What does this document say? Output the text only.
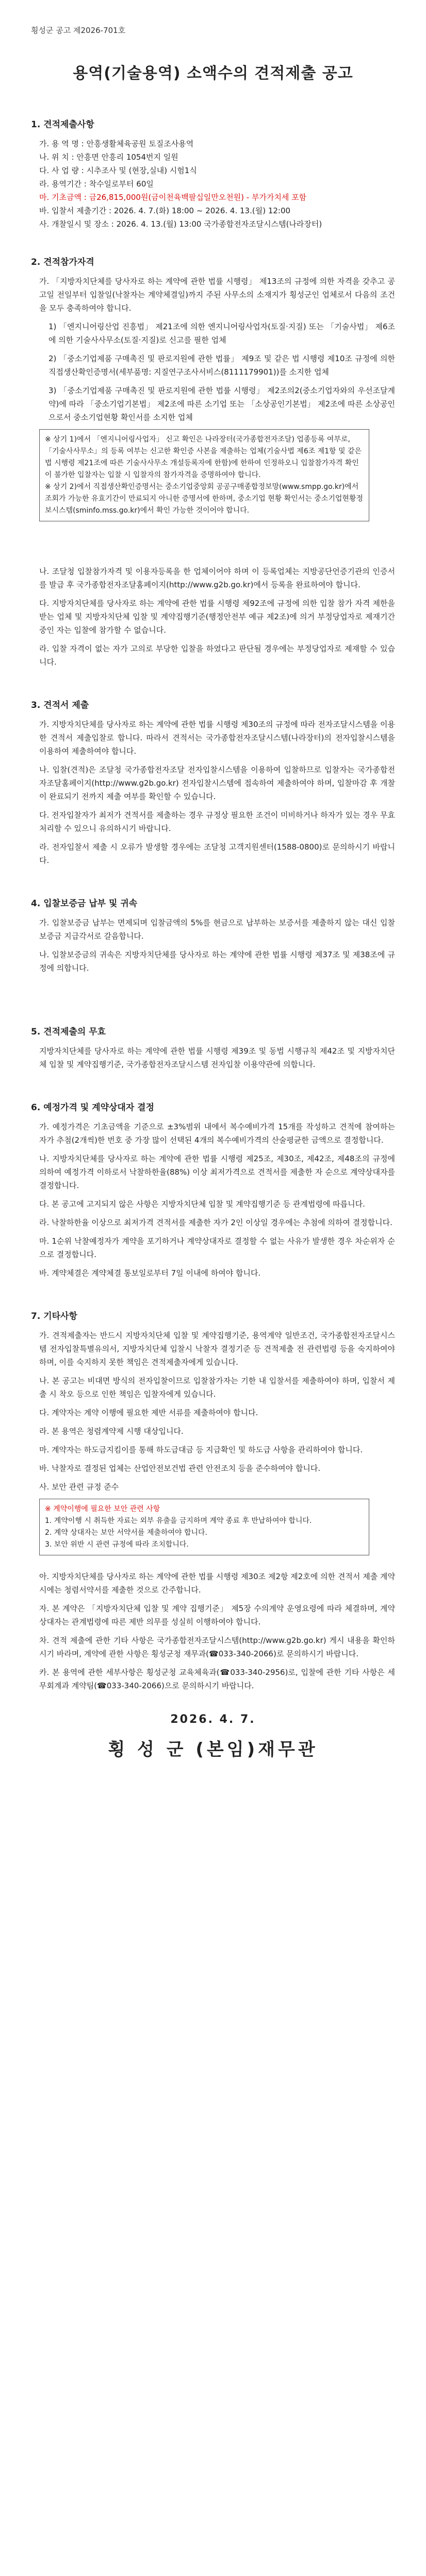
횡성군 공고 제2026-701호
용역(기술용역) 소액수의 견적제출 공고
1. 견적제출사항

가. 용 역 명 : 안흥생활체육공원 토질조사용역

나. 위 치 : 안흥면 안흥리 1054번지 일원

다. 사 업 량 : 시추조사 및 (현장,실내) 시험1식

라. 용역기간 : 착수일로부터 60일

마. 기초금액 : 금26,815,000원(금이천육백팔십일만오천원) - 부가가치세 포함

바. 입찰서 제출기간 : 2026. 4. 7.(화) 18:00 ~ 2026. 4. 13.(월) 12:00

사. 개찰일시 및 장소 : 2026. 4. 13.(월) 13:00 국가종합전자조달시스템(나라장터)

2. 견적참가자격

가. 「지방자치단체를 당사자로 하는 계약에 관한 법률 시행령」 제13조의 규정에 의한 자격을 갖추고 공고일 전일부터 입찰일(낙찰자는 계약체결일)까지 주된 사무소의 소재지가 횡성군인 업체로서 다음의 조건을 모두 충족하여야 합니다.

1) 「엔지니어링산업 진흥법」 제21조에 의한 엔지니어링사업자(토질·지질) 또는 「기술사법」 제6조에 의한 기술사사무소(토질·지질)로 신고를 필한 업체

2) 「중소기업제품 구매촉진 및 판로지원에 관한 법률」 제9조 및 같은 법 시행령 제10조 규정에 의한 직접생산확인증명서(세부품명: 지질연구조사서비스(8111179901))를 소지한 업체

3) 「중소기업제품 구매촉진 및 판로지원에 관한 법률 시행령」 제2조의2(중소기업자와의 우선조달계약)에 따라 「중소기업기본법」 제2조에 따른 소기업 또는 「소상공인기본법」 제2조에 따른 소상공인으로서 중소기업현황 확인서를 소지한 업체

※ 상기 1)에서 「엔지니어링사업자」 신고 확인은 나라장터(국가종합전자조달) 업종등록 여부로, 「기술사사무소」의 등록 여부는 신고한 확인증 사본을 제출하는 업체(기술사법 제6조 제1항 및 같은법 시행령 제21조에 따른 기술사사무소 개설등록자에 한함)에 한하여 인정하오니 입찰참가자격 확인이 불가한 입찰자는 입찰 시 입찰자의 참가자격을 증명하여야 합니다.

※ 상기 2)에서 직접생산확인증명서는 중소기업중앙회 공공구매종합정보망(www.smpp.go.kr)에서 조회가 가능한 유효기간이 만료되지 아니한 증명서에 한하며, 중소기업 현황 확인서는 중소기업현황정보시스템(sminfo.mss.go.kr)에서 확인 가능한 것이어야 합니다.

나. 조달청 입찰참가자격 및 이용자등록을 한 업체이어야 하며 이 등록업체는 지방공단언증기관의 인증서를 발급 후 국가종합전자조달홈페이지(http://www.g2b.go.kr)에서 등록을 완료하여야 합니다.

다. 지방자치단체를 당사자로 하는 계약에 관한 법률 시행령 제92조에 규정에 의한 입찰 참가 자격 제한을 받는 업체 및 지방자치단체 입찰 및 계약집행기준(행정안전부 예규 제2조)에 의거 부정당업자로 제재기간 중인 자는 입찰에 참가할 수 없습니다.

라. 입찰 자격이 없는 자가 고의로 부당한 입찰을 하였다고 판단될 경우에는 부정당업자로 제재할 수 있습니다.

3. 견적서 제출

가. 지방자치단체를 당사자로 하는 계약에 관한 법률 시행령 제30조의 규정에 따라 전자조달시스템을 이용한 견적서 제출입찰로 합니다. 따라서 견적서는 국가종합전자조달시스템(나라장터)의 전자입찰시스템을 이용하여 제출하여야 합니다.

나. 입찰(견적)은 조달청 국가종합전자조달 전자입찰시스템을 이용하여 입찰하므로 입찰자는 국가종합전자조달홈페이지(http://www.g2b.go.kr) 전자입찰시스템에 접속하여 제출하여야 하며, 입찰마감 후 개찰이 완료되기 전까지 제출 여부를 확인할 수 있습니다.

다. 전자입찰자가 최저가 견적서를 제출하는 경우 규정상 필요한 조건이 미비하거나 하자가 있는 경우 무효처리할 수 있으니 유의하시기 바랍니다.

라. 전자입찰서 제출 시 오류가 발생할 경우에는 조달청 고객지원센터(1588-0800)로 문의하시기 바랍니다.

4. 입찰보증금 납부 및 귀속

가. 입찰보증금 납부는 면제되며 입찰금액의 5%를 현금으로 납부하는 보증서를 제출하지 않는 대신 입찰보증금 지급각서로 갈음합니다.

나. 입찰보증금의 귀속은 지방자치단체를 당사자로 하는 계약에 관한 법률 시행령 제37조 및 제38조에 규정에 의합니다.

5. 견적제출의 무효

지방자치단체를 당사자로 하는 계약에 관한 법률 시행령 제39조 및 동법 시행규칙 제42조 및 지방자치단체 입찰 및 계약집행기준, 국가종합전자조달시스템 전자입찰 이용약관에 의합니다.

6. 예정가격 및 계약상대자 결정

가. 예정가격은 기초금액을 기준으로 ±3%범위 내에서 복수예비가격 15개를 작성하고 견적에 참여하는 자가 추첨(2개씩)한 번호 중 가장 많이 선택된 4개의 복수예비가격의 산술평균한 금액으로 결정합니다.

나. 지방자치단체를 당사자로 하는 계약에 관한 법률 시행령 제25조, 제30조, 제42조, 제48조의 규정에 의하여 예정가격 이하로서 낙찰하한율(88%) 이상 최저가격으로 견적서를 제출한 자 순으로 계약상대자를 결정합니다.

다. 본 공고에 고지되지 않은 사항은 지방자치단체 입찰 및 계약집행기준 등 관계법령에 따릅니다.

라. 낙찰하한율 이상으로 최저가격 견적서를 제출한 자가 2인 이상일 경우에는 추첨에 의하여 결정합니다.

마. 1순위 낙찰예정자가 계약을 포기하거나 계약상대자로 결정할 수 없는 사유가 발생한 경우 차순위자 순으로 결정합니다.

바. 계약체결은 계약체결 통보일로부터 7일 이내에 하여야 합니다.

7. 기타사항

가. 견적제출자는 반드시 지방자치단체 입찰 및 계약집행기준, 용역계약 일반조건, 국가종합전자조달시스템 전자입찰특별유의서, 지방자치단체 입찰시 낙찰자 결정기준 등 견적제출 전 관련법령 등을 숙지하여야 하며, 이를 숙지하지 못한 책임은 견적제출자에게 있습니다.

나. 본 공고는 비대면 방식의 전자입찰이므로 입찰참가자는 기한 내 입찰서를 제출하여야 하며, 입찰서 제출 시 착오 등으로 인한 책임은 입찰자에게 있습니다.

다. 계약자는 계약 이행에 필요한 제반 서류를 제출하여야 합니다.

라. 본 용역은 청렴계약제 시행 대상입니다.

마. 계약자는 하도급지킴이를 통해 하도급대금 등 지급확인 및 하도급 사항을 관리하여야 합니다.

바. 낙찰자로 결정된 업체는 산업안전보건법 관련 안전조치 등을 준수하여야 합니다.

사. 보안 관련 규정 준수

※ 계약이행에 필요한 보안 관련 사항

1. 계약이행 시 취득한 자료는 외부 유출을 금지하며 계약 종료 후 반납하여야 합니다.

2. 계약 상대자는 보안 서약서를 제출하여야 합니다.

3. 보안 위반 시 관련 규정에 따라 조치합니다.

아. 지방자치단체를 당사자로 하는 계약에 관한 법률 시행령 제30조 제2항 제2호에 의한 견적서 제출 계약 시에는 청렴서약서를 제출한 것으로 간주합니다.

자. 본 계약은 「지방자치단체 입찰 및 계약 집행기준」 제5장 수의계약 운영요령에 따라 체결하며, 계약 상대자는 관계법령에 따른 제반 의무를 성실히 이행하여야 합니다.

차. 견적 제출에 관한 기타 사항은 국가종합전자조달시스템(http://www.g2b.go.kr) 게시 내용을 확인하시기 바라며, 계약에 관한 사항은 횡성군청 재무과(☎033-340-2066)로 문의하시기 바랍니다.

카. 본 용역에 관한 세부사항은 횡성군청 교육체육과(☎033-340-2956)로, 입찰에 관한 기타 사항은 세무회계과 계약팀(☎033-340-2066)으로 문의하시기 바랍니다.

2026. 4. 7.
횡 성 군 (본임)재무관
